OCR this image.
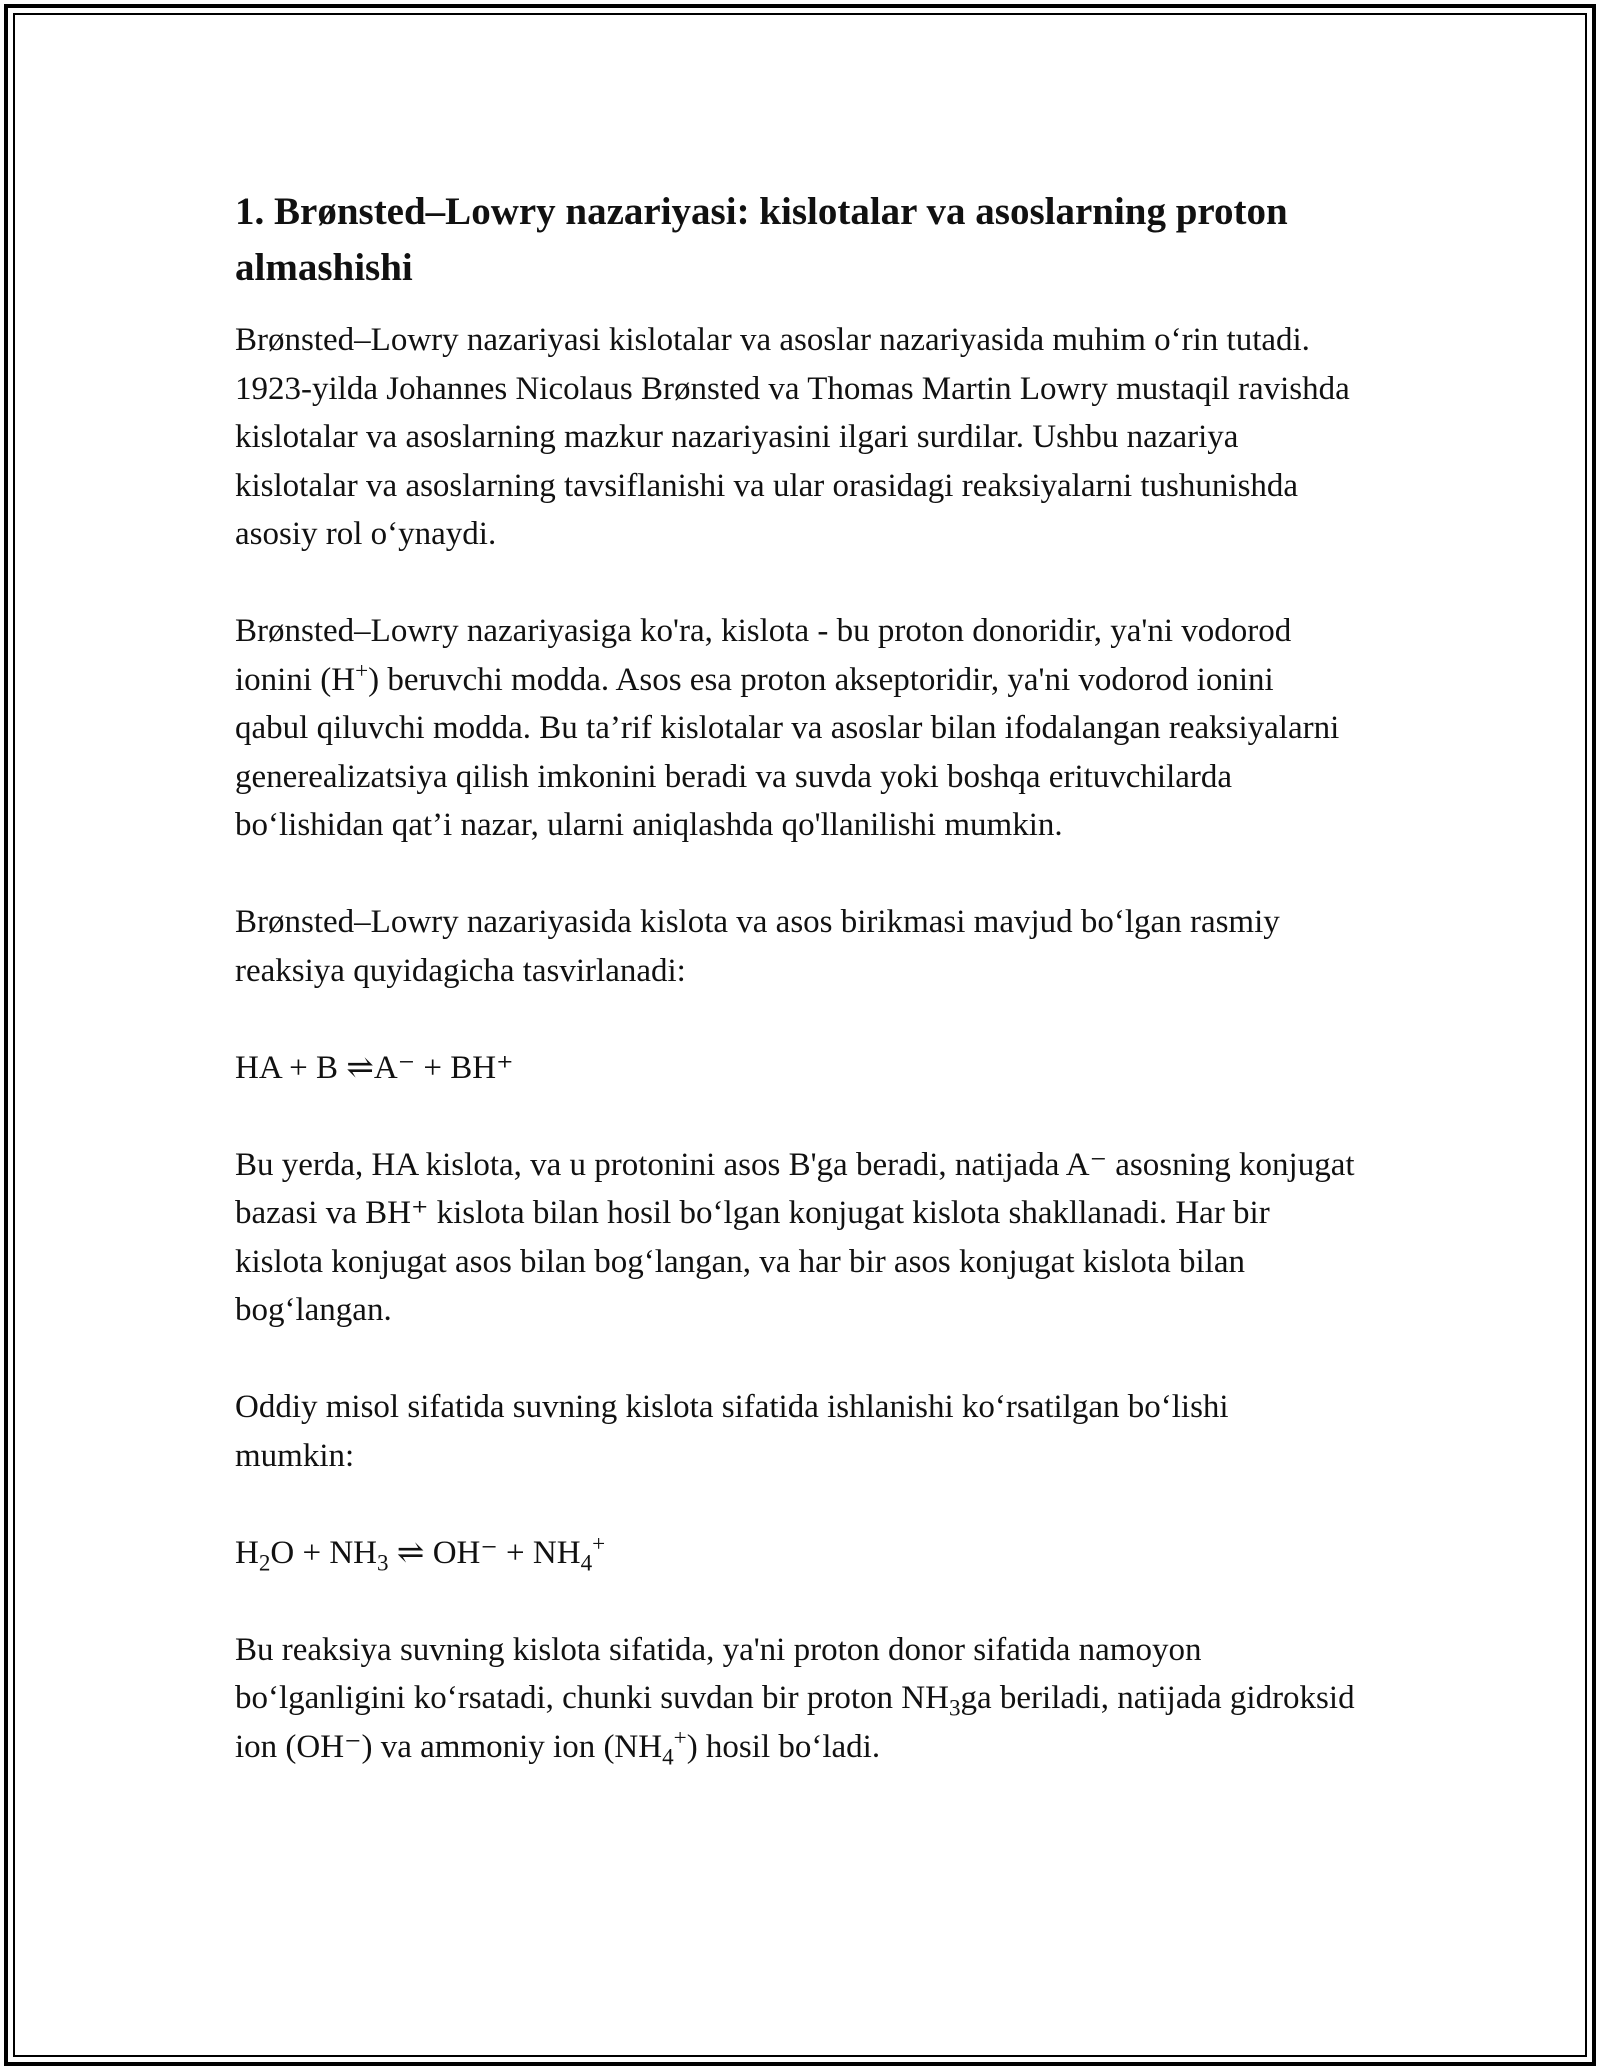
1. Brønsted–Lowry nazariyasi: kislotalar va asoslarning proton almashishi

Brønsted–Lowry nazariyasi kislotalar va asoslar nazariyasida muhim o‘rin tutadi. 1923-yilda Johannes Nicolaus Brønsted va Thomas Martin Lowry mustaqil ravishda kislotalar va asoslarning mazkur nazariyasini ilgari surdilar. Ushbu nazariya kislotalar va asoslarning tavsiflanishi va ular orasidagi reaksiyalarni tushunishda asosiy rol o‘ynaydi.

Brønsted–Lowry nazariyasiga ko'ra, kislota - bu proton donoridir, ya'ni vodorod ionini (H+) beruvchi modda. Asos esa proton akseptoridir, ya'ni vodorod ionini qabul qiluvchi modda. Bu ta’rif kislotalar va asoslar bilan ifodalangan reaksiyalarni generealizatsiya qilish imkonini beradi va suvda yoki boshqa erituvchilarda bo‘lishidan qat’i nazar, ularni aniqlashda qo'llanilishi mumkin.

Brønsted–Lowry nazariyasida kislota va asos birikmasi mavjud bo‘lgan rasmiy reaksiya quyidagicha tasvirlanadi:

HA + B ⇌A⁻ + BH⁺

Bu yerda, HA kislota, va u protonini asos B'ga beradi, natijada A⁻ asosning konjugat bazasi va BH⁺ kislota bilan hosil bo‘lgan konjugat kislota shakllanadi. Har bir kislota konjugat asos bilan bog‘langan, va har bir asos konjugat kislota bilan bog‘langan.

Oddiy misol sifatida suvning kislota sifatida ishlanishi ko‘rsatilgan bo‘lishi mumkin:

$H_2O + NH_3$ ⇌ $OH^- + NH_4^+$

Bu reaksiya suvning kislota sifatida, ya'ni proton donor sifatida namoyon bo‘lganligini ko‘rsatadi, chunki suvdan bir proton $NH_3ga$ beriladi, natijada gidroksid ion (OH⁻) va ammoniy ion $(NH_4^+)$ hosil bo‘ladi.
